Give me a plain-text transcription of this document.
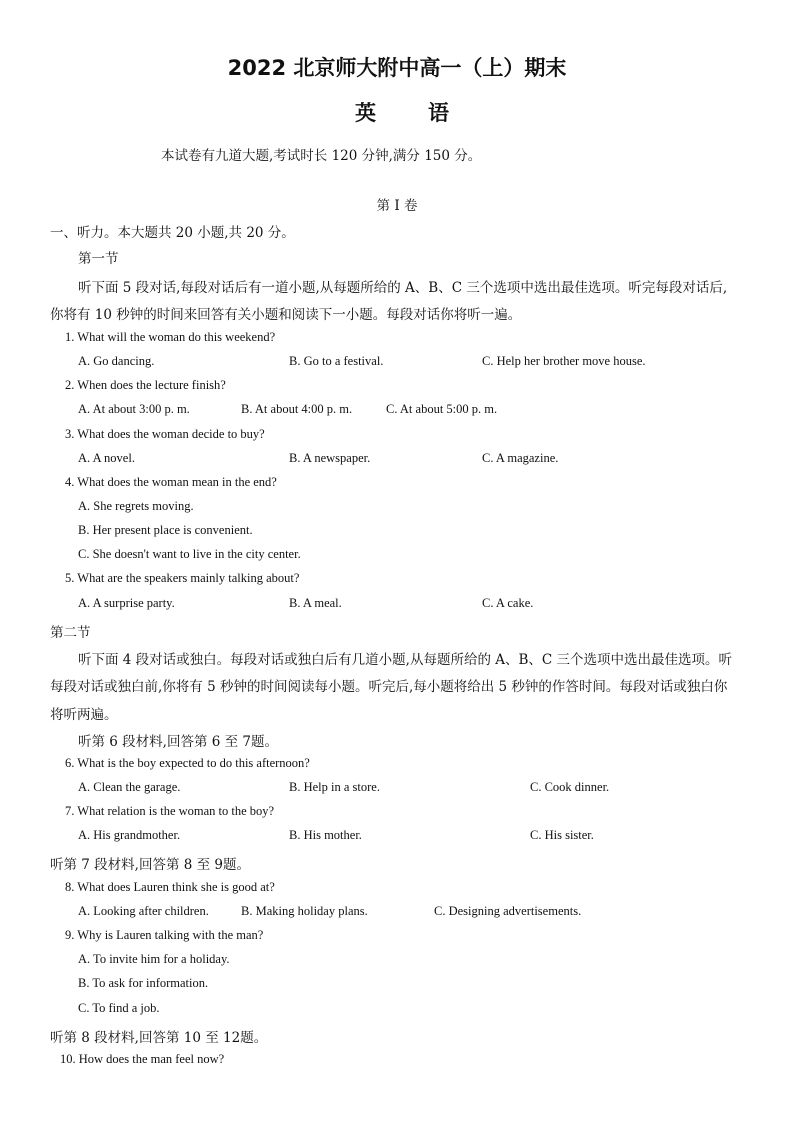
2022 北京师大附中高一（上）期末
英 语
本试卷有九道大题,考试时长 120 分钟,满分 150 分。
第 I 卷
一、听力。本大题共 20 小题,共 20 分。
第一节
听下面 5 段对话,每段对话后有一道小题,从每题所给的 A、B、C 三个选项中选出最佳选项。听完每段对话后,
你将有 10 秒钟的时间来回答有关小题和阅读下一小题。每段对话你将听一遍。
1. What will the woman do this weekend?
A. Go dancing.	B. Go to a festival.	C. Help her brother move house.
2. When does the lecture finish?
A. At about 3:00 p. m.	B. At about 4:00 p. m.	C. At about 5:00 p. m.
3. What does the woman decide to buy?
A. A novel.	B. A newspaper.	C. A magazine.
4. What does the woman mean in the end?
A. She regrets moving.
B. Her present place is convenient.
C. She doesn't want to live in the city center.
5. What are the speakers mainly talking about?
A. A surprise party.	B. A meal.	C. A cake.
第二节
听下面 4 段对话或独白。每段对话或独白后有几道小题,从每题所给的 A、B、C 三个选项中选出最佳选项。听
每段对话或独白前,你将有 5 秒钟的时间阅读每小题。听完后,每小题将给出 5 秒钟的作答时间。每段对话或独白你
将听两遍。
听第 6 段材料,回答第 6 至 7题。
6. What is the boy expected to do this afternoon?
A. Clean the garage.	B. Help in a store.	C. Cook dinner.
7. What relation is the woman to the boy?
A. His grandmother.	B. His mother.	C. His sister.
听第 7 段材料,回答第 8 至 9题。
8. What does Lauren think she is good at?
A. Looking after children.	B. Making holiday plans.	C. Designing advertisements.
9. Why is Lauren talking with the man?
A. To invite him for a holiday.
B. To ask for information.
C. To find a job.
听第 8 段材料,回答第 10 至 12题。
10. How does the man feel now?
